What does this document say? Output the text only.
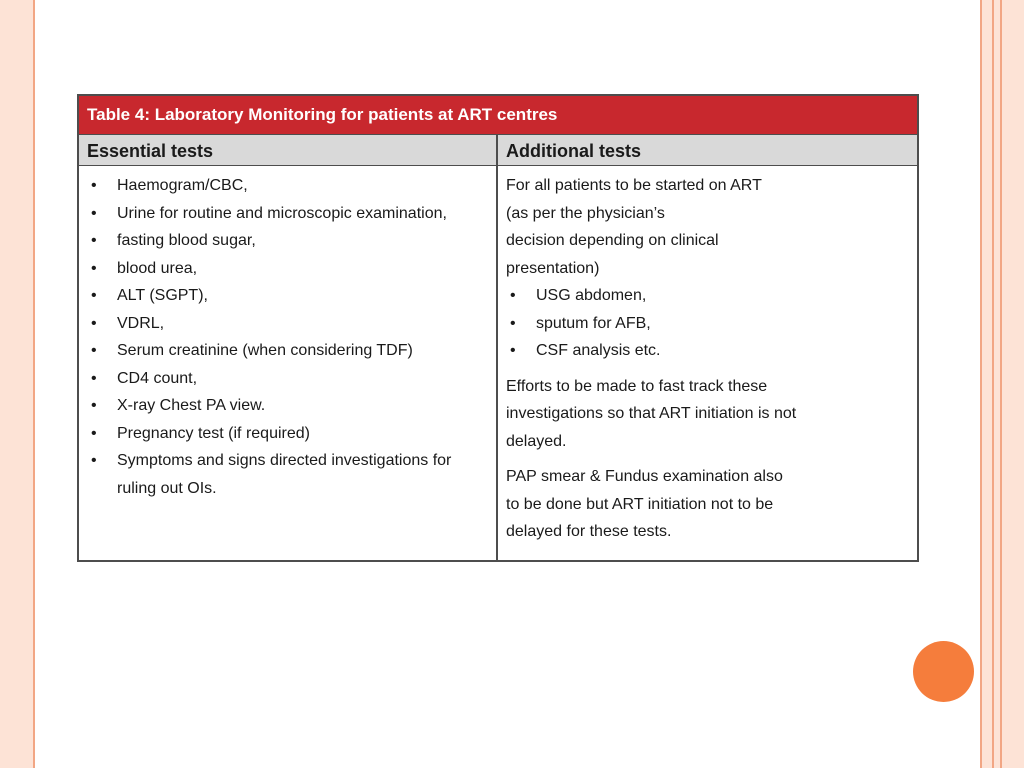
Table 4: Laboratory Monitoring for patients at ART centres
Essential tests	Additional tests
• Haemogram/CBC,
• Urine for routine and microscopic examination,
• fasting blood sugar,
• blood urea,
• ALT (SGPT),
• VDRL,
• Serum creatinine (when considering TDF)
• CD4 count,
• X-ray Chest PA view.
• Pregnancy test (if required)
• Symptoms and signs directed investigations for ruling out OIs.

For all patients to be started on ART

(as per the physician’s

decision depending on clinical

presentation)

• USG abdomen,
• sputum for AFB,
• CSF analysis etc.

Efforts to be made to fast track these

investigations so that ART initiation is not

delayed.

PAP smear & Fundus examination also

to be done but ART initiation not to be

delayed for these tests.
